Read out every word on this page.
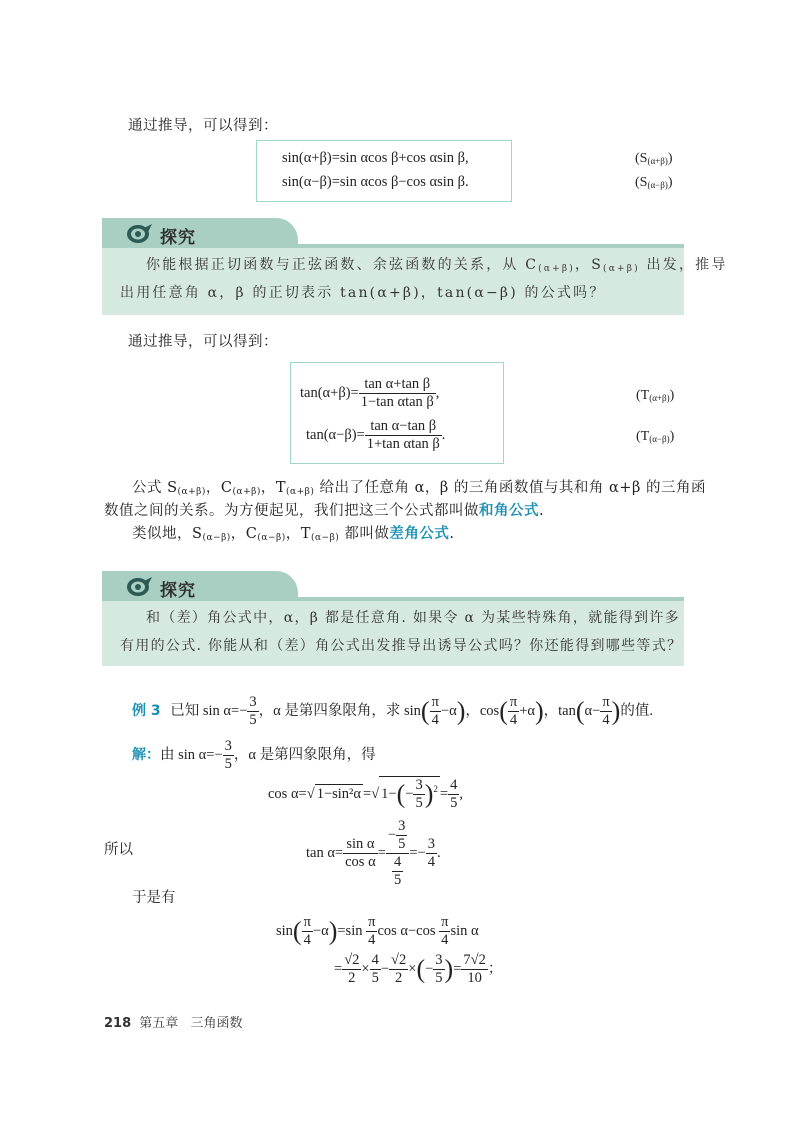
通过推导，可以得到：
sin(α+β)=sin αcos β+cos αsin β,
sin(α−β)=sin αcos β−cos αsin β.
$(S_{(\alpha+\beta)})$
$(S_{(\alpha-\beta)})$
探究
你能根据正切函数与正弦函数、余弦函数的关系，从 $C_{(\alpha+\beta)}$，$S_{(\alpha+\beta)}$ 出发，推导
出用任意角 α，β 的正切表示 tan(α+β)，tan(α−β) 的公式吗？
通过推导，可以得到：
$\tan(\alpha+\beta)= \frac{\text{tan α+tan β}}{\text{1−tan αtan β}}$ ,
$\tan(\alpha-\beta)= \frac{\text{tan α−tan β}}{\text{1+tan αtan β}}$ .
$(T_{(\alpha+\beta)})$
$(T_{(\alpha-\beta)})$
公式 $S_{(\alpha+\beta)}$，$C_{(\alpha+\beta)}$，$T_{(\alpha+\beta)}$ 给出了任意角 α，β 的三角函数值与其和角 α+β 的三角函
数值之间的关系。为方便起见，我们把这三个公式都叫做和角公式.
类似地，$S_{(\alpha-\beta)}$，$C_{(\alpha-\beta)}$，$T_{(\alpha-\beta)}$ 都叫做差角公式.
探究
和（差）角公式中，α，β 都是任意角. 如果令 α 为某些特殊角，就能得到许多
有用的公式. 你能从和（差）角公式出发推导出诱导公式吗？你还能得到哪些等式？
例 3 已知 $\sin \alpha=- \frac{3}{5}$ ，α 是第四象限角，求 $\sin( \frac{\pi}{4} -\alpha)$，$\cos( \frac{\pi}{4} +\alpha)$，$\tan(\alpha- \frac{\pi}{4}$ )的值.
解：由 $\sin \alpha=- \frac{3}{5}$ ，α 是第四象限角，得
cos α=√ 1−sin²α =√ $1-(- \frac{3}{5} )^2 = \frac{4}{5}$ ,
所以	$\tan \alpha= \frac{\text{sin α}}{\text{cos α}} = \frac{- \frac{3}{5}}{\frac{4}{5}} =- \frac{3}{4}$ .
于是有
$\sin( \frac{\pi}{4} -\alpha)=\sin \frac{\pi}{4}$ $\cos \alpha-\cos \frac{\pi}{4}$ sin α
= $\frac{√2}{2} \times \frac{4}{5} - \frac{√2}{2}$ ×(− $\frac{3}{5}$ )= $\frac{7√2}{10}$ ；
218 第五章 三角函数
